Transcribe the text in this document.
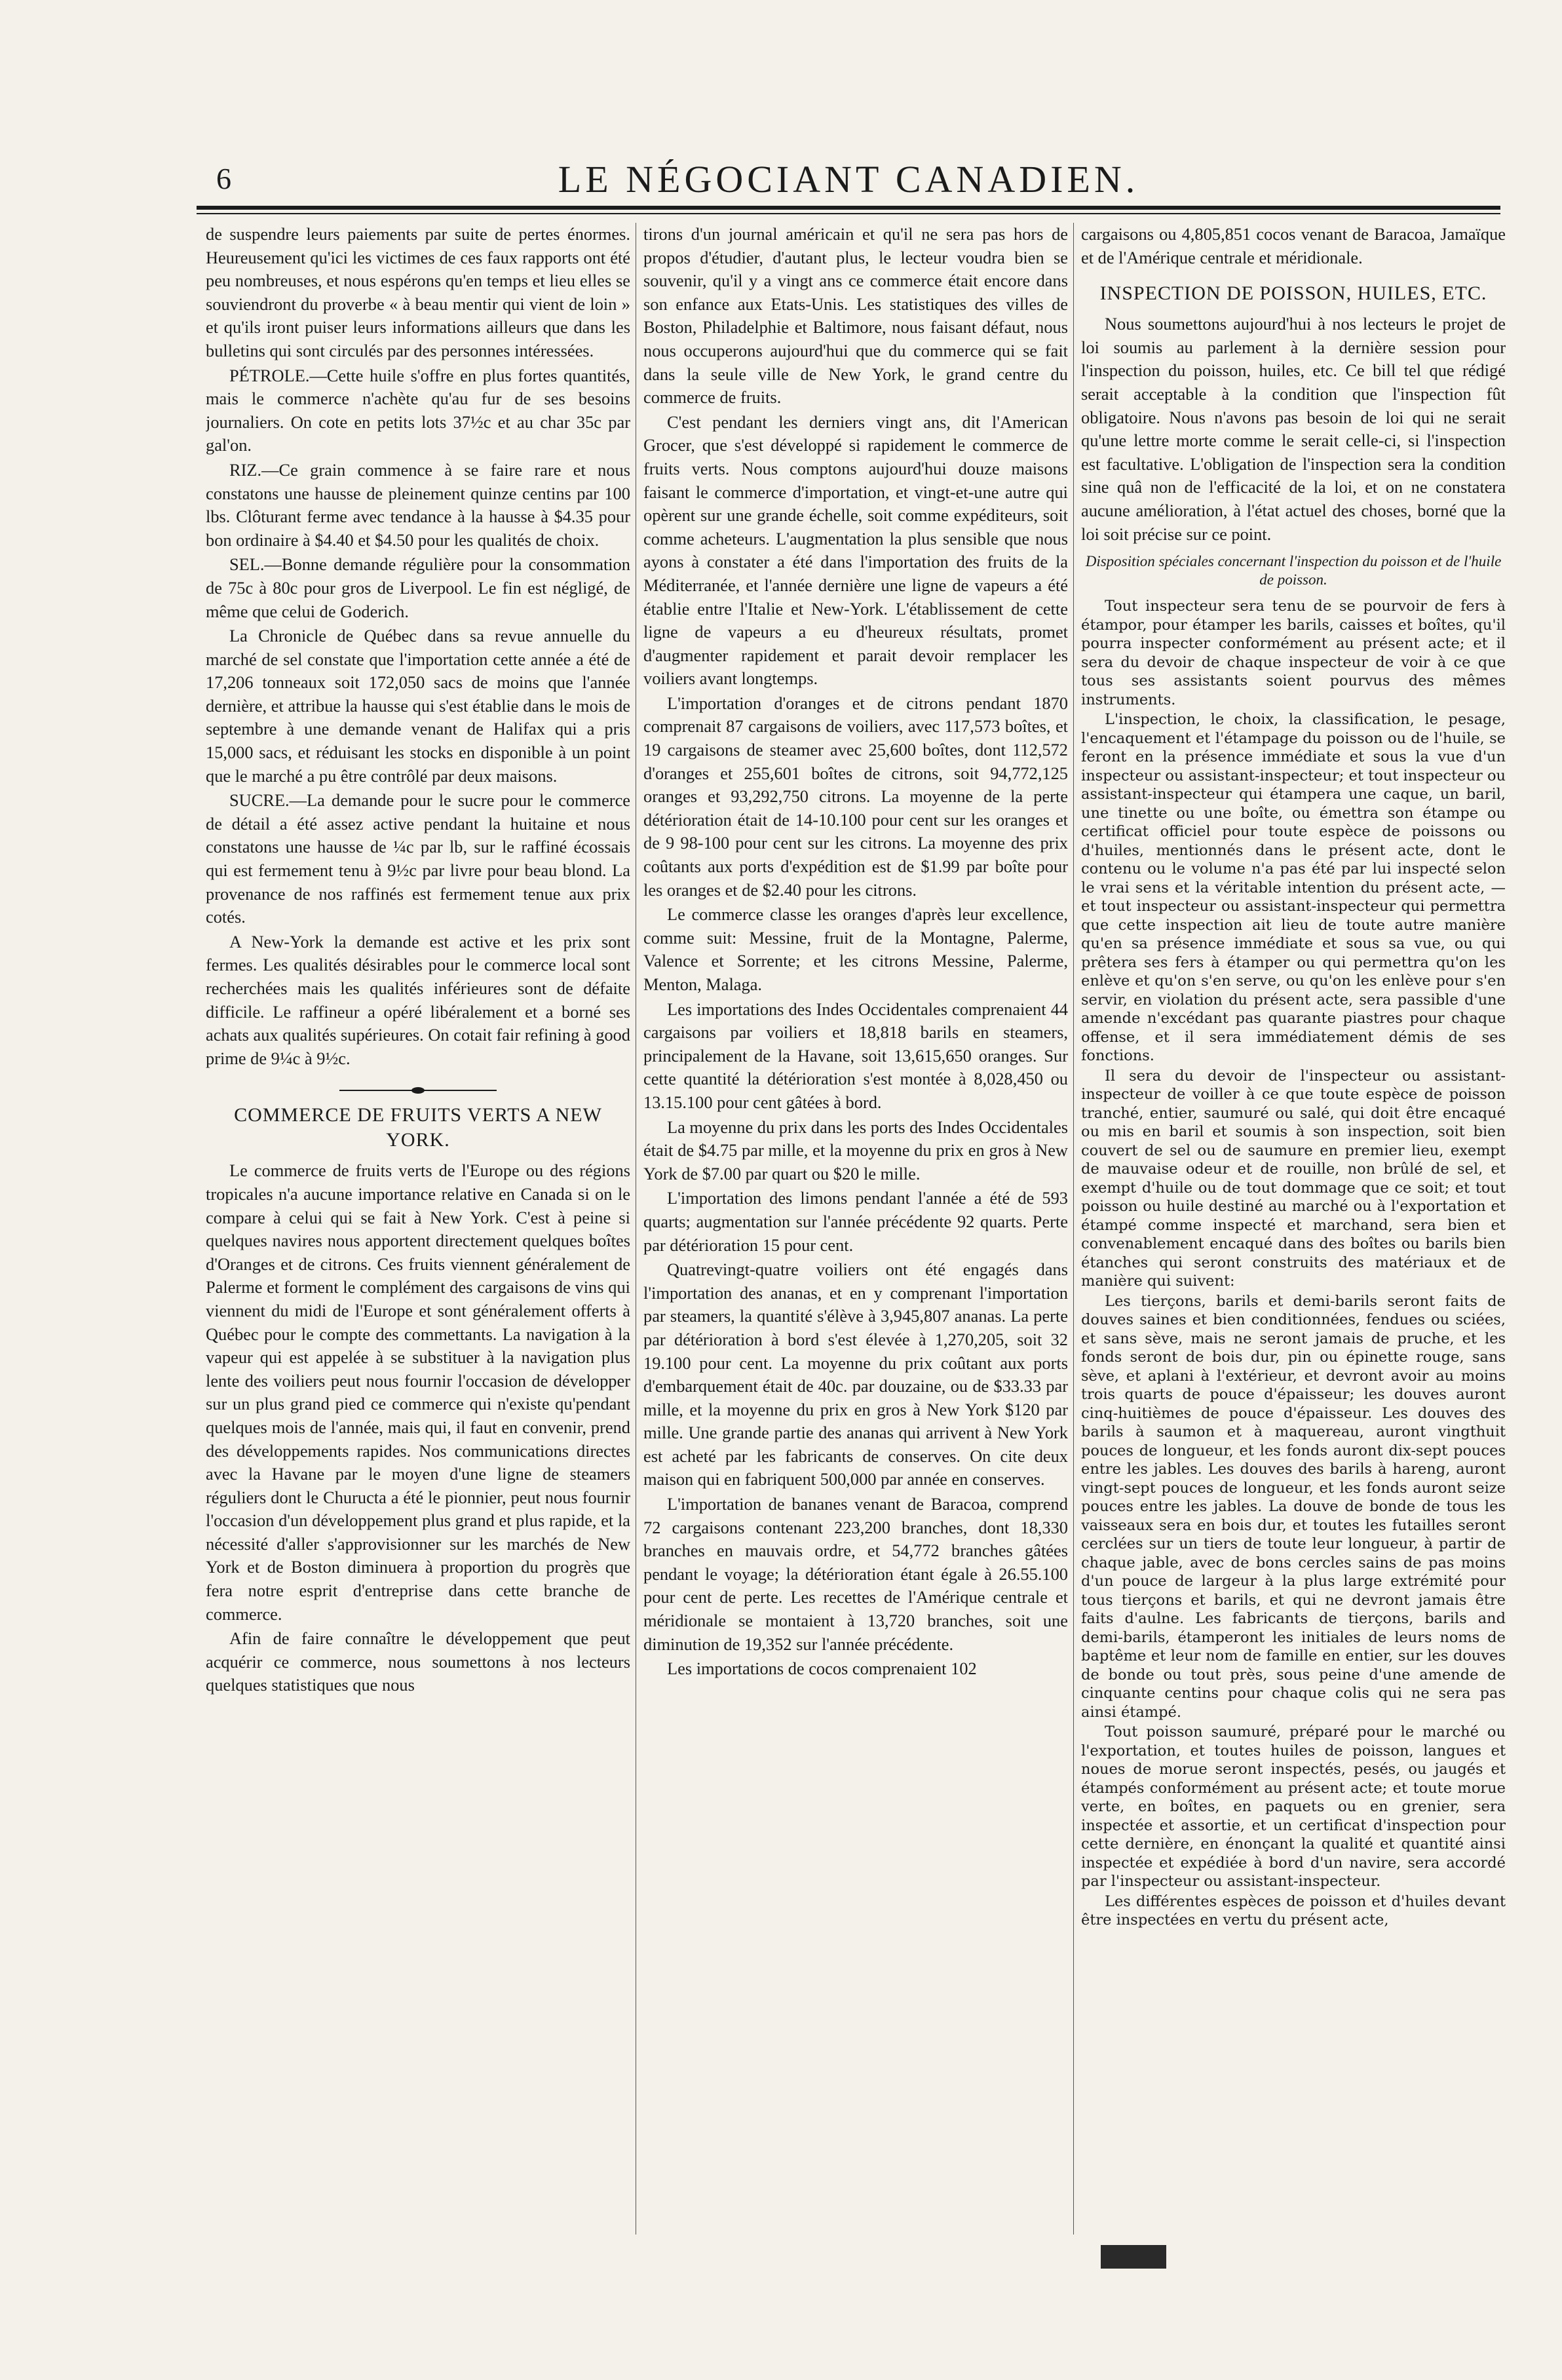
6	LE NÉGOCIANT CANADIEN.

de suspendre leurs paiements par suite de pertes énormes. Heureusement qu'ici les victimes de ces faux rapports ont été peu nombreuses, et nous espérons qu'en temps et lieu elles se souviendront du proverbe « à beau mentir qui vient de loin » et qu'ils iront puiser leurs informations ailleurs que dans les bulletins qui sont circulés par des personnes intéressées.

PÉTROLE.—Cette huile s'offre en plus fortes quantités, mais le commerce n'achète qu'au fur de ses besoins journaliers. On cote en petits lots 37½c et au char 35c par gal'on.

RIZ.—Ce grain commence à se faire rare et nous constatons une hausse de pleinement quinze centins par 100 lbs. Clôturant ferme avec tendance à la hausse à $4.35 pour bon ordinaire à $4.40 et $4.50 pour les qualités de choix.

SEL.—Bonne demande régulière pour la consommation de 75c à 80c pour gros de Liverpool. Le fin est négligé, de même que celui de Goderich.

La Chronicle de Québec dans sa revue annuelle du marché de sel constate que l'importation cette année a été de 17,206 tonneaux soit 172,050 sacs de moins que l'année dernière, et attribue la hausse qui s'est établie dans le mois de septembre à une demande venant de Halifax qui a pris 15,000 sacs, et réduisant les stocks en disponible à un point que le marché a pu être contrôlé par deux maisons.

SUCRE.—La demande pour le sucre pour le commerce de détail a été assez active pendant la huitaine et nous constatons une hausse de ¼c par lb, sur le raffiné écossais qui est fermement tenu à 9½c par livre pour beau blond. La provenance de nos raffinés est fermement tenue aux prix cotés.

A New-York la demande est active et les prix sont fermes. Les qualités désirables pour le commerce local sont recherchées mais les qualités inférieures sont de défaite difficile. Le raffineur a opéré libéralement et a borné ses achats aux qualités supérieures. On cotait fair refining à good prime de 9¼c à 9½c.

COMMERCE DE FRUITS VERTS A NEW YORK.

Le commerce de fruits verts de l'Europe ou des régions tropicales n'a aucune importance relative en Canada si on le compare à celui qui se fait à New York. C'est à peine si quelques navires nous apportent directement quelques boîtes d'Oranges et de citrons. Ces fruits viennent généralement de Palerme et forment le complément des cargaisons de vins qui viennent du midi de l'Europe et sont généralement offerts à Québec pour le compte des commettants. La navigation à la vapeur qui est appelée à se substituer à la navigation plus lente des voiliers peut nous fournir l'occasion de développer sur un plus grand pied ce commerce qui n'existe qu'pendant quelques mois de l'année, mais qui, il faut en convenir, prend des développements rapides. Nos communications directes avec la Havane par le moyen d'une ligne de steamers réguliers dont le Churucta a été le pionnier, peut nous fournir l'occasion d'un développement plus grand et plus rapide, et la nécessité d'aller s'approvisionner sur les marchés de New York et de Boston diminuera à proportion du progrès que fera notre esprit d'entreprise dans cette branche de commerce.

Afin de faire connaître le développement que peut acquérir ce commerce, nous soumettons à nos lecteurs quelques statistiques que nous

tirons d'un journal américain et qu'il ne sera pas hors de propos d'étudier, d'autant plus, le lecteur voudra bien se souvenir, qu'il y a vingt ans ce commerce était encore dans son enfance aux Etats-Unis. Les statistiques des villes de Boston, Philadelphie et Baltimore, nous faisant défaut, nous nous occuperons aujourd'hui que du commerce qui se fait dans la seule ville de New York, le grand centre du commerce de fruits.

C'est pendant les derniers vingt ans, dit l'American Grocer, que s'est développé si rapidement le commerce de fruits verts. Nous comptons aujourd'hui douze maisons faisant le commerce d'importation, et vingt-et-une autre qui opèrent sur une grande échelle, soit comme expéditeurs, soit comme acheteurs. L'augmentation la plus sensible que nous ayons à constater a été dans l'importation des fruits de la Méditerranée, et l'année dernière une ligne de vapeurs a été établie entre l'Italie et New-York. L'établissement de cette ligne de vapeurs a eu d'heureux résultats, promet d'augmenter rapidement et parait devoir remplacer les voiliers avant longtemps.

L'importation d'oranges et de citrons pendant 1870 comprenait 87 cargaisons de voiliers, avec 117,573 boîtes, et 19 cargaisons de steamer avec 25,600 boîtes, dont 112,572 d'oranges et 255,601 boîtes de citrons, soit 94,772,125 oranges et 93,292,750 citrons. La moyenne de la perte détérioration était de 14-10.100 pour cent sur les oranges et de 9 98-100 pour cent sur les citrons. La moyenne des prix coûtants aux ports d'expédition est de $1.99 par boîte pour les oranges et de $2.40 pour les citrons.

Le commerce classe les oranges d'après leur excellence, comme suit: Messine, fruit de la Montagne, Palerme, Valence et Sorrente; et les citrons Messine, Palerme, Menton, Malaga.

Les importations des Indes Occidentales comprenaient 44 cargaisons par voiliers et 18,818 barils en steamers, principalement de la Havane, soit 13,615,650 oranges. Sur cette quantité la détérioration s'est montée à 8,028,450 ou 13.15.100 pour cent gâtées à bord.

La moyenne du prix dans les ports des Indes Occidentales était de $4.75 par mille, et la moyenne du prix en gros à New York de $7.00 par quart ou $20 le mille.

L'importation des limons pendant l'année a été de 593 quarts; augmentation sur l'année précédente 92 quarts. Perte par détérioration 15 pour cent.

Quatrevingt-quatre voiliers ont été engagés dans l'importation des ananas, et en y comprenant l'importation par steamers, la quantité s'élève à 3,945,807 ananas. La perte par détérioration à bord s'est élevée à 1,270,205, soit 32 19.100 pour cent. La moyenne du prix coûtant aux ports d'embarquement était de 40c. par douzaine, ou de $33.33 par mille, et la moyenne du prix en gros à New York $120 par mille. Une grande partie des ananas qui arrivent à New York est acheté par les fabricants de conserves. On cite deux maison qui en fabriquent 500,000 par année en conserves.

L'importation de bananes venant de Baracoa, comprend 72 cargaisons contenant 223,200 branches, dont 18,330 branches en mauvais ordre, et 54,772 branches gâtées pendant le voyage; la détérioration étant égale à 26.55.100 pour cent de perte. Les recettes de l'Amérique centrale et méridionale se montaient à 13,720 branches, soit une diminution de 19,352 sur l'année précédente.

Les importations de cocos comprenaient 102

cargaisons ou 4,805,851 cocos venant de Baracoa, Jamaïque et de l'Amérique centrale et méridionale.

INSPECTION DE POISSON, HUILES, ETC.

Nous soumettons aujourd'hui à nos lecteurs le projet de loi soumis au parlement à la dernière session pour l'inspection du poisson, huiles, etc. Ce bill tel que rédigé serait acceptable à la condition que l'inspection fût obligatoire. Nous n'avons pas besoin de loi qui ne serait qu'une lettre morte comme le serait celle-ci, si l'inspection est facultative. L'obligation de l'inspection sera la condition sine quâ non de l'efficacité de la loi, et on ne constatera aucune amélioration, à l'état actuel des choses, borné que la loi soit précise sur ce point.

Disposition spéciales concernant l'inspection du poisson et de l'huile de poisson.

Tout inspecteur sera tenu de se pourvoir de fers à étampor, pour étamper les barils, caisses et boîtes, qu'il pourra inspecter conformément au présent acte; et il sera du devoir de chaque inspecteur de voir à ce que tous ses assistants soient pourvus des mêmes instruments.

L'inspection, le choix, la classification, le pesage, l'encaquement et l'étampage du poisson ou de l'huile, se feront en la présence immédiate et sous la vue d'un inspecteur ou assistant-inspecteur; et tout inspecteur ou assistant-inspecteur qui étampera une caque, un baril, une tinette ou une boîte, ou émettra son étampe ou certificat officiel pour toute espèce de poissons ou d'huiles, mentionnés dans le présent acte, dont le contenu ou le volume n'a pas été par lui inspecté selon le vrai sens et la véritable intention du présent acte, —et tout inspecteur ou assistant-inspecteur qui permettra que cette inspection ait lieu de toute autre manière qu'en sa présence immédiate et sous sa vue, ou qui prêtera ses fers à étamper ou qui permettra qu'on les enlève et qu'on s'en serve, ou qu'on les enlève pour s'en servir, en violation du présent acte, sera passible d'une amende n'excédant pas quarante piastres pour chaque offense, et il sera immédiatement démis de ses fonctions.

Il sera du devoir de l'inspecteur ou assistant-inspecteur de voiller à ce que toute espèce de poisson tranché, entier, saumuré ou salé, qui doit être encaqué ou mis en baril et soumis à son inspection, soit bien couvert de sel ou de saumure en premier lieu, exempt de mauvaise odeur et de rouille, non brûlé de sel, et exempt d'huile ou de tout dommage que ce soit; et tout poisson ou huile destiné au marché ou à l'exportation et étampé comme inspecté et marchand, sera bien et convenablement encaqué dans des boîtes ou barils bien étanches qui seront construits des matériaux et de manière qui suivent:

Les tierçons, barils et demi-barils seront faits de douves saines et bien conditionnées, fendues ou sciées, et sans sève, mais ne seront jamais de pruche, et les fonds seront de bois dur, pin ou épinette rouge, sans sève, et aplani à l'extérieur, et devront avoir au moins trois quarts de pouce d'épaisseur; les douves auront cinq-huitièmes de pouce d'épaisseur. Les douves des barils à saumon et à maquereau, auront vingthuit pouces de longueur, et les fonds auront dix-sept pouces entre les jables. Les douves des barils à hareng, auront vingt-sept pouces de longueur, et les fonds auront seize pouces entre les jables. La douve de bonde de tous les vaisseaux sera en bois dur, et toutes les futailles seront cerclées sur un tiers de toute leur longueur, à partir de chaque jable, avec de bons cercles sains de pas moins d'un pouce de largeur à la plus large extrémité pour tous tierçons et barils, et qui ne devront jamais être faits d'aulne. Les fabricants de tierçons, barils and demi-barils, étamperont les initiales de leurs noms de baptême et leur nom de famille en entier, sur les douves de bonde ou tout près, sous peine d'une amende de cinquante centins pour chaque colis qui ne sera pas ainsi étampé.

Tout poisson saumuré, préparé pour le marché ou l'exportation, et toutes huiles de poisson, langues et noues de morue seront inspectés, pesés, ou jaugés et étampés conformément au présent acte; et toute morue verte, en boîtes, en paquets ou en grenier, sera inspectée et assortie, et un certificat d'inspection pour cette dernière, en énonçant la qualité et quantité ainsi inspectée et expédiée à bord d'un navire, sera accordé par l'inspecteur ou assistant-inspecteur.

Les différentes espèces de poisson et d'huiles devant être inspectées en vertu du présent acte,
